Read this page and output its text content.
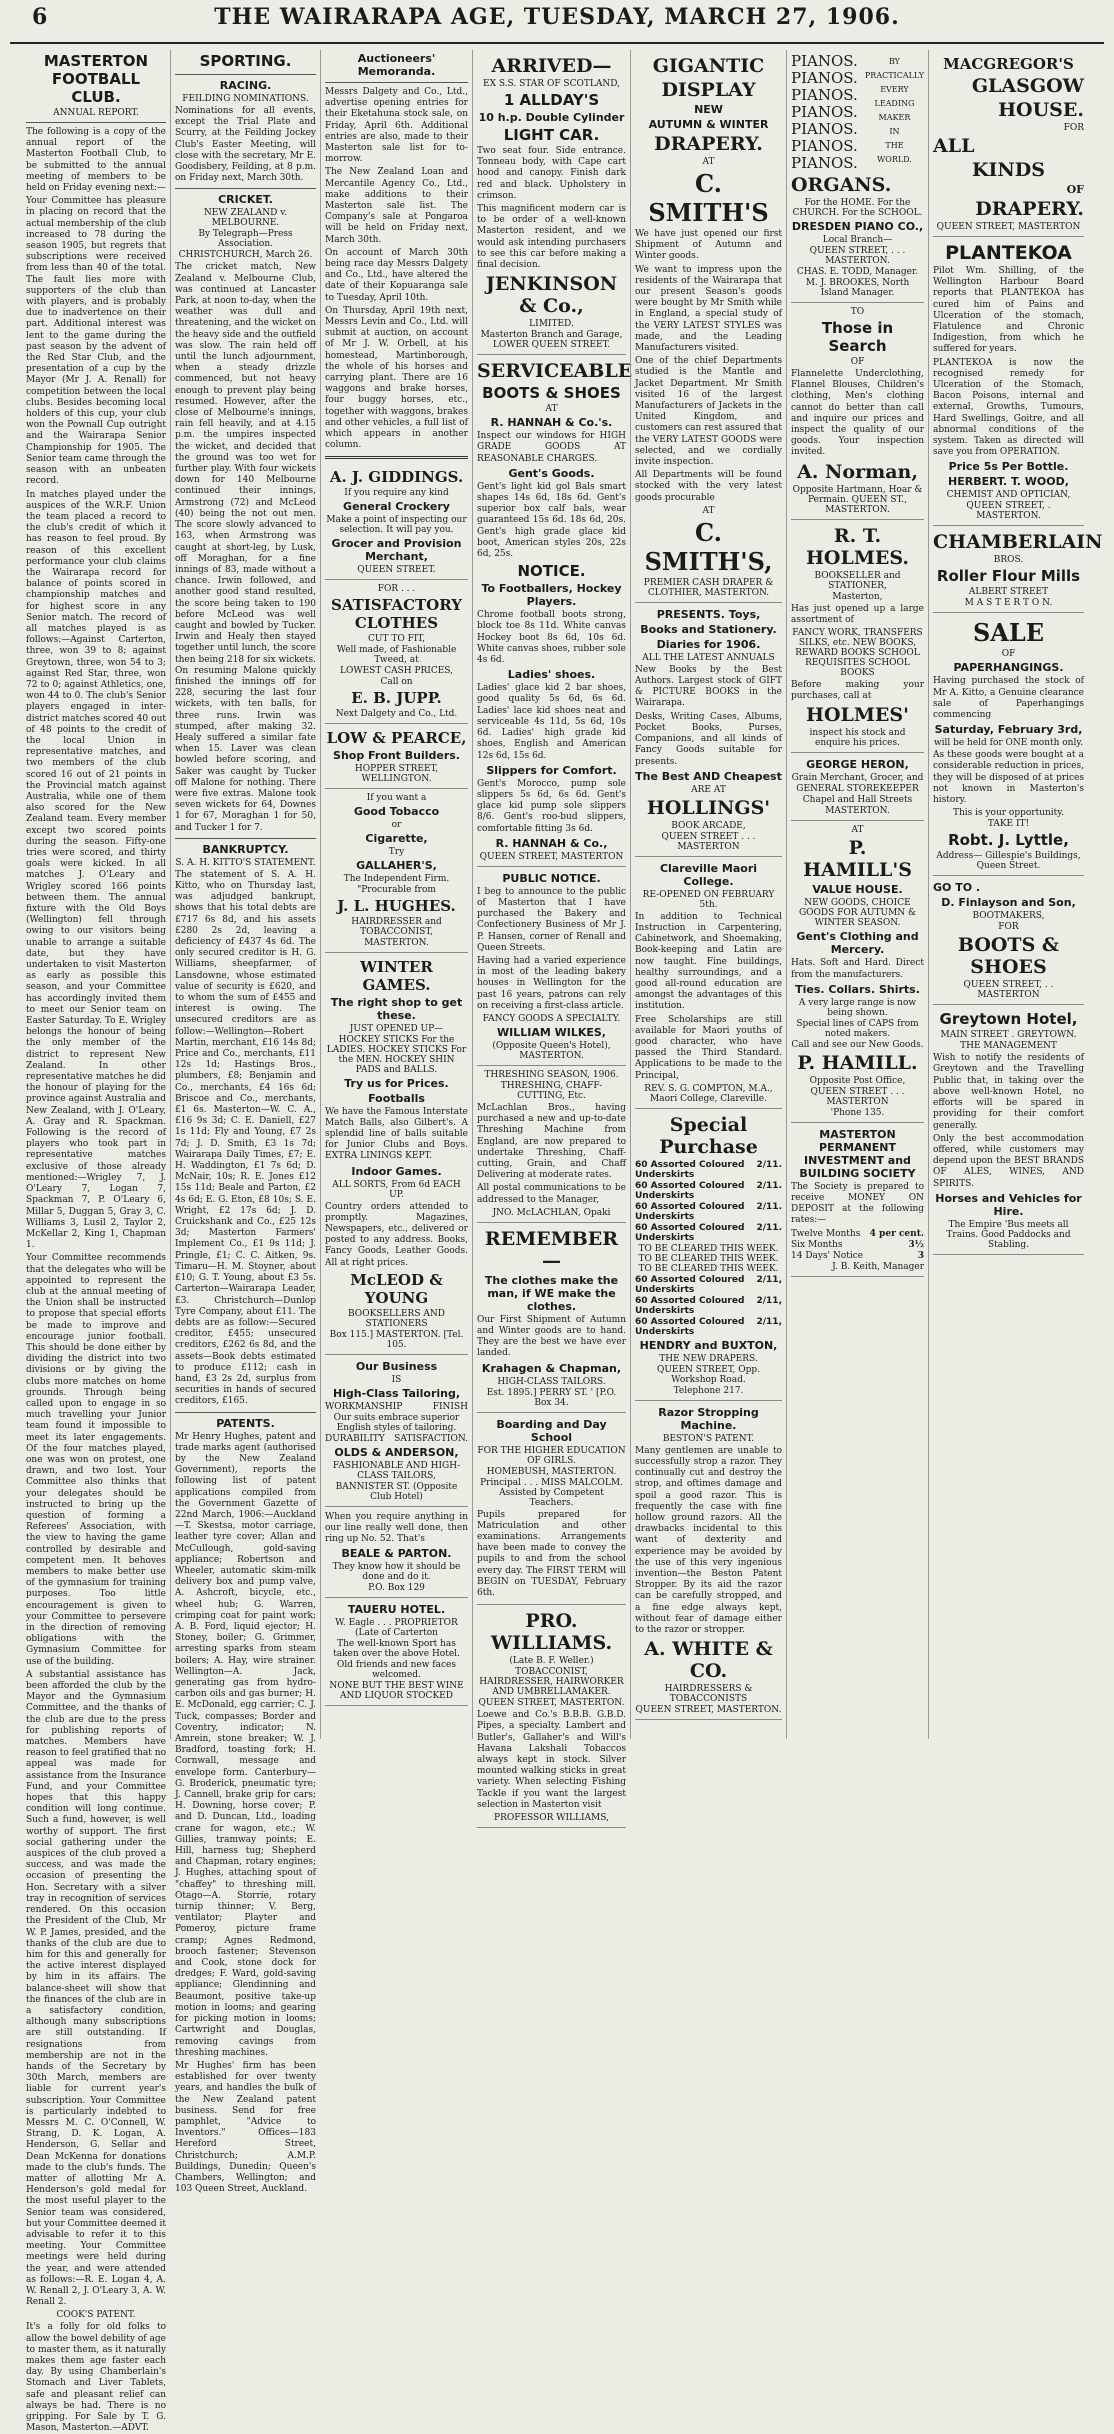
6	THE WAIRARAPA AGE, TUESDAY, MARCH 27, 1906.
MASTERTON FOOTBALL CLUB.
ANNUAL REPORT.

The following is a copy of the annual report of the Masterton Football Club, to be submitted to the annual meeting of members to be held on Friday evening next:—

Your Committee has pleasure in placing on record that the actual membership of the club increased to 78 during the season 1905, but regrets that subscriptions were received from less than 40 of the total. The fault lies more with supporters of the club than with players, and is probably due to inadvertence on their part. Additional interest was lent to the game during the past season by the advent of the Red Star Club, and the presentation of a cup by the Mayor (Mr J. A. Renall) for competition between the local clubs. Besides becoming local holders of this cup, your club won the Pownall Cup outright and the Wairarapa Senior Championship for 1905. The Senior team came through the season with an unbeaten record.

In matches played under the auspices of the W.R.F. Union the team placed a record to the club's credit of which it has reason to feel proud. By reason of this excellent performance your club claims the Wairarapa record for balance of points scored in championship matches and for highest score in any Senior match. The record of all matches played is as follows:—Against Carterton, three, won 39 to 8; against Greytown, three, won 54 to 3; against Red Star, three, won 72 to 0; against Athletics, one, won 44 to 0. The club's Senior players engaged in inter-district matches scored 40 out of 48 points to the credit of the local Union in representative matches, and two members of the club scored 16 out of 21 points in the Provincial match against Australia, while one of them also scored for the New Zealand team. Every member except two scored points during the season. Fifty-one tries were scored, and thirty goals were kicked. In all matches J. O'Leary and Wrigley scored 166 points between them. The annual fixture with the Old Boys (Wellington) fell through owing to our visitors being unable to arrange a suitable date, but they have undertaken to visit Masterton as early as possible this season, and your Committee has accordingly invited them to meet our Senior team on Easter Saturday. To E. Wrigley belongs the honour of being the only member of the district to represent New Zealand. In other representative matches he did the honour of playing for the province against Australia and New Zealand, with J. O'Leary, A. Gray and R. Spackman. Following is the record of players who took part in representative matches exclusive of those already mentioned:—Wrigley 7, J. O'Leary 7, Logan 7, Spackman 7, P. O'Leary 6, Millar 5, Duggan 5, Gray 3, C. Williams 3, Lusil 2, Taylor 2, McKellar 2, King 1, Chapman 1.

Your Committee recommends that the delegates who will be appointed to represent the club at the annual meeting of the Union shall be instructed to propose that special efforts be made to improve and encourage junior football. This should be done either by dividing the district into two divisions or by giving the clubs more matches on home grounds. Through being called upon to engage in so much travelling your Junior team found it impossible to meet its later engagements. Of the four matches played, one was won on protest, one drawn, and two lost. Your Committee also thinks that your delegates should be instructed to bring up the question of forming a Referees' Association, with the view to having the game controlled by desirable and competent men. It behoves members to make better use of the gymnasium for training purposes. Too little encouragement is given to your Committee to persevere in the direction of removing obligations with the Gymnasium Committee for use of the building.

A substantial assistance has been afforded the club by the Mayor and the Gymnasium Committee, and the thanks of the club are due to the press for publishing reports of matches. Members have reason to feel gratified that no appeal was made for assistance from the Insurance Fund, and your Committee hopes that this happy condition will long continue. Such a fund, however, is well worthy of support. The first social gathering under the auspices of the club proved a success, and was made the occasion of presenting the Hon. Secretary with a silver tray in recognition of services rendered. On this occasion the President of the Club, Mr W. P. James, presided, and the thanks of the club are due to him for this and generally for the active interest displayed by him in its affairs. The balance-sheet will show that the finances of the club are in a satisfactory condition, although many subscriptions are still outstanding. If resignations from membership are not in the hands of the Secretary by 30th March, members are liable for current year's subscription. Your Committee is particularly indebted to Messrs M. C. O'Connell, W. Strang, D. K. Logan, A. Henderson, G. Sellar and Dean McKenna for donations made to the club's funds. The matter of allotting Mr A. Henderson's gold medal for the most useful player to the Senior team was considered, but your Committee deemed it advisable to refer it to this meeting. Your Committee meetings were held during the year, and were attended as follows:—R. E. Logan 4, A. W. Renall 2, J. O'Leary 3, A. W. Renall 2.

COOK'S PATENT.

It's a folly for old folks to allow the bowel debility of age to master them, as it naturally makes them age faster each day. By using Chamberlain's Stomach and Liver Tablets, safe and pleasant relief can always be had. There is no gripping. For Sale by T. G. Mason, Masterton.—ADVT.

SPORTING.
RACING.
FEILDING NOMINATIONS.

Nominations for all events, except the Trial Plate and Scurry, at the Feilding Jockey Club's Easter Meeting, will close with the secretary, Mr E. Goodisbery, Feilding, at 8 p.m. on Friday next, March 30th.

CRICKET.
NEW ZEALAND v. MELBOURNE.
By Telegraph—Press Association.
CHRISTCHURCH, March 26.

The cricket match, New Zealand v. Melbourne Club, was continued at Lancaster Park, at noon to-day, when the weather was dull and threatening, and the wicket on the heavy side and the outfield was slow. The rain held off until the lunch adjournment, when a steady drizzle commenced, but not heavy enough to prevent play being resumed. However, after the close of Melbourne's innings, rain fell heavily, and at 4.15 p.m. the umpires inspected the wicket, and decided that the ground was too wet for further play. With four wickets down for 140 Melbourne continued their innings, Armstrong (72) and McLeod (40) being the not out men. The score slowly advanced to 163, when Armstrong was caught at short-leg, by Lusk, off Moraghan, for a fine innings of 83, made without a chance. Irwin followed, and another good stand resulted, the score being taken to 190 before McLeod was well caught and bowled by Tucker. Irwin and Healy then stayed together until lunch, the score then being 218 for six wickets. On resuming Malone quickly finished the innings off for 228, securing the last four wickets, with ten balls, for three runs. Irwin was stumped, after making 32. Healy suffered a similar fate when 15. Laver was clean bowled before scoring, and Saker was caught by Tucker off Malone for nothing. There were five extras. Malone took seven wickets for 64, Downes 1 for 67, Moraghan 1 for 50, and Tucker 1 for 7.

BANKRUPTCY.
S. A. H. KITTO'S STATEMENT.

The statement of S. A. H. Kitto, who on Thursday last, was adjudged bankrupt, shows that his total debts are £717 6s 8d, and his assets £280 2s 2d, leaving a deficiency of £437 4s 6d. The only secured creditor is H. G. Williams, sheepfarmer, of Lansdowne, whose estimated value of security is £620, and to whom the sum of £455 and interest is owing. The unsecured creditors are as follow:—Wellington—Robert Martin, merchant, £16 14s 8d; Price and Co., merchants, £11 12s 1d; Hastings Bros., plumbers, £8; Benjamin and Co., merchants, £4 16s 6d; Briscoe and Co., merchants, £1 6s. Masterton—W. C. A., £16 9s 3d; C. E. Daniell, £27 1s 11d; Fly and Young, £7 2s 7d; J. D. Smith, £3 1s 7d; Wairarapa Daily Times, £7; E. H. Waddington, £1 7s 6d; D. McNair, 10s; R. E. Jones £12 15s 11d; Beale and Parton, £2 4s 6d; E. G. Eton, £8 10s; S. E. Wright, £2 17s 6d; J. D. Cruickshank and Co., £25 12s 3d; Masterton Farmers' Implement Co., £1 9s 11d; J. Pringle, £1; C. C. Aitken, 9s. Timaru—H. M. Stoyner, about £10; G. T. Young, about £3 5s. Carterton—Wairarapa Leader, £3. Christchurch—Dunlop Tyre Company, about £11. The debts are as follow:—Secured creditor, £455; unsecured creditors, £262 6s 8d, and the assets—Book debts estimated to produce £112; cash in hand, £3 2s 2d, surplus from securities in hands of secured creditors, £165.

PATENTS.

Mr Henry Hughes, patent and trade marks agent (authorised by the New Zealand Government), reports the following list of patent applications compiled from the Government Gazette of 22nd March, 1906:—Auckland—T. Skestsa, motor carriage, leather tyre cover; Allan and McCullough, gold-saving appliance; Robertson and Wheeler, automatic skim-milk delivery box and pump valve, A. Ashcroft, bicycle, etc., wheel hub; G. Warren, crimping coat for paint work; A. B. Ford, liquid ejector; H. Stoney, boiler; G. Grimmer, arresting sparks from steam boilers; A. Hay, wire strainer. Wellington—A. Jack, generating gas from hydro-carbon oils and gas burner; H. E. McDonald, egg carrier; C. J. Tuck, compasses; Border and Coventry, indicator; N. Amrein, stone breaker; W. J. Bradford, toasting fork; H. Cornwall, message and envelope form. Canterbury—G. Broderick, pneumatic tyre; J. Cannell, brake grip for cars; H. Downing, horse cover; P. and D. Duncan, Ltd., loading crane for wagon, etc.; W. Gillies, tramway points; E. Hill, harness tug; Shepherd and Chapman, rotary engines; J. Hughes, attaching spout of "chaffey" to threshing mill. Otago—A. Storrie, rotary turnip thinner; V. Berg, ventilator; Playter and Pomeroy, picture frame cramp; Agnes Redmond, brooch fastener; Stevenson and Cook, stone dock for dredges; F. Ward, gold-saving appliance; Glendinning and Beaumont, positive take-up motion in looms; and gearing for picking motion in looms; Cartwright and Douglas, removing cavings from threshing machines.

Mr Hughes' firm has been established for over twenty years, and handles the bulk of the New Zealand patent business. Send for free pamphlet, "Advice to Inventors." Offices—183 Hereford Street, Christchurch; A.M.P. Buildings, Dunedin; Queen's Chambers, Wellington; and 103 Queen Street, Auckland.

Auctioneers' Memoranda.

Messrs Dalgety and Co., Ltd., advertise opening entries for their Eketahuna stock sale, on Friday, April 6th. Additional entries are also, made to their Masterton sale list for to-morrow.

The New Zealand Loan and Mercantile Agency Co., Ltd., make additions to their Masterton sale list. The Company's sale at Pongaroa will be held on Friday next, March 30th.

On account of March 30th being race day Messrs Dalgety and Co., Ltd., have altered the date of their Kopuaranga sale to Tuesday, April 10th.

On Thursday, April 19th next, Messrs Levin and Co., Ltd. will submit at auction, on account of Mr J. W. Orbell, at his homestead, Martinborough, the whole of his horses and carrying plant. There are 16 waggons and brake horses, four buggy horses, etc., together with waggons, brakes and other vehicles, a full list of which appears in another column.

A. J. GIDDINGS.
If you require any kind
General Crockery
Make a point of inspecting our selection. It will pay you.
Grocer and Provision Merchant,
QUEEN STREET.
FOR . . .
SATISFACTORY CLOTHES
CUT TO FIT,
Well made, of Fashionable Tweed, at
LOWEST CASH PRICES,
Call on
E. B. JUPP.
Next Dalgety and Co., Ltd.
LOW & PEARCE,
Shop Front Builders.
HOPPER STREET, WELLINGTON.
If you want a
Good Tobacco
or
Cigarette,
Try
GALLAHER'S,
The Independent Firm.
"Procurable from
J. L. HUGHES.
HAIRDRESSER and TOBACCONIST,
MASTERTON.
WINTER GAMES.
The right shop to get these.
JUST OPENED UP—
HOCKEY STICKS For the LADIES. HOCKEY STICKS For the MEN. HOCKEY SHIN PADS and BALLS.
Try us for Prices.
Footballs

We have the Famous Interstate Match Balls, also Gilbert's. A splendid line of balls suitable for Junior Clubs and Boys. EXTRA LININGS KEPT.

Indoor Games.
ALL SORTS, From 6d EACH UP.

Country orders attended to promptly. Magazines, Newspapers, etc., delivered or posted to any address. Books, Fancy Goods, Leather Goods. All at right prices.

McLEOD & YOUNG
BOOKSELLERS AND STATIONERS
Box 115.] MASTERTON. [Tel. 105.
Our Business
IS
High-Class Tailoring,
WORKMANSHIP	FINISH
Our suits embrace superior English styles of tailoring.
DURABILITY SATISFACTION.
OLDS & ANDERSON,
FASHIONABLE AND HIGH-CLASS TAILORS,
BANNISTER ST. (Opposite Club Hotel)

When you require anything in our line really well done, then ring up No. 52. That's

BEALE & PARTON.
They know how it should be done and do it.
P.O. Box 129
TAUERU HOTEL.
W. Eagle . . . PROPRIETOR (Late of Carterton
The well-known Sport has taken over the above Hotel.
Old friends and new faces welcomed.
NONE BUT THE BEST WINE AND LIQUOR STOCKED
ARRIVED—
EX S.S. STAR OF SCOTLAND,
1 ALLDAY'S
10 h.p. Double Cylinder
LIGHT CAR.

Two seat four. Side entrance. Tonneau body, with Cape cart hood and canopy. Finish dark red and black. Upholstery in crimson.

This magnificent modern car is to be order of a well-known Masterton resident, and we would ask intending purchasers to see this car before making a final decision.

JENKINSON & Co.,
LIMITED.
Masterton Branch and Garage, LOWER QUEEN STREET.
SERVICEABLE
BOOTS & SHOES
AT
R. HANNAH & Co.'s.

Inspect our windows for HIGH GRADE GOODS AT REASONABLE CHARGES.

Gent's Goods.

Gent's light kid gol Bals smart shapes 14s 6d, 18s 6d. Gent's superior box calf bals, wear guaranteed 15s 6d. 18s 6d, 20s. Gent's high grade glace kid boot, American styles 20s, 22s 6d, 25s.

NOTICE.
To Footballers, Hockey Players.

Chrome football boots strong, block toe 8s 11d. White canvas Hockey boot 8s 6d, 10s 6d. White canvas shoes, rubber sole 4s 6d.

Ladies' shoes.

Ladies' glace kid 2 bar shoes, good quality 5s 6d, 6s 6d. Ladies' lace kid shoes neat and serviceable 4s 11d, 5s 6d, 10s 6d. Ladies' high grade kid shoes, English and American 12s 6d, 15s 6d.

Slippers for Comfort.

Gent's Morocco, pump sole slippers 5s 6d, 6s 6d. Gent's glace kid pump sole slippers 8/6. Gent's roo-bud slippers, comfortable fitting 3s 6d.

R. HANNAH & Co.,
QUEEN STREET, MASTERTON
PUBLIC NOTICE.

I beg to announce to the public of Masterton that I have purchased the Bakery and Confectionery Business of Mr J. P. Hansen, corner of Renall and Queen Streets.

Having had a varied experience in most of the leading bakery houses in Wellington for the past 16 years, patrons can rely on receiving a first-class article.

FANCY GOODS A SPECIALTY.
WILLIAM WILKES,
(Opposite Queen's Hotel), MASTERTON.
THRESHING SEASON, 1906.
THRESHING, CHAFF-CUTTING, Etc.

McLachlan Bros., having purchased a new and up-to-date Threshing Machine from England, are now prepared to undertake Threshing, Chaff-cutting, Grain, and Chaff Delivering at moderate rates.

All postal communications to be addressed to the Manager,

JNO. McLACHLAN, Opaki
REMEMBER—
The clothes make the man, if WE make the clothes.

Our First Shipment of Autumn and Winter goods are to hand. They are the best we have ever landed.

Krahagen & Chapman,
HIGH-CLASS TAILORS.
Est. 1895.] PERRY ST. ' [P.O. Box 34.
Boarding and Day School
FOR THE HIGHER EDUCATION OF GIRLS.
HOMEBUSH, MASTERTON.
Principal . . . MISS MALCOLM. Assisted by Competent Teachers.

Pupils prepared for Matriculation and other examinations. Arrangements have been made to convey the pupils to and from the school every day. The FIRST TERM will BEGIN on TUESDAY, February 6th.

PRO. WILLIAMS.
(Late B. F. Weller.)
TOBACCONIST, HAIRDRESSER, HAIRWORKER AND UMBRELLAMAKER.
QUEEN STREET, MASTERTON.

Loewe and Co.'s B.B.B. G.B.D. Pipes, a specialty. Lambert and Butler's, Gallaher's and Will's Havana Lakshali Tobaccos always kept in stock. Silver mounted walking sticks in great variety. When selecting Fishing Tackle if you want the largest selection in Masterton visit

PROFESSOR WILLIAMS,
GIGANTIC
DISPLAY
NEW
AUTUMN & WINTER
DRAPERY.
AT
C. SMITH'S

We have just opened our first Shipment of Autumn and Winter goods.

We want to impress upon the residents of the Wairarapa that our present Season's goods were bought by Mr Smith while in England, a special study of the VERY LATEST STYLES was made, and the Leading Manufacturers visited.

One of the chief Departments studied is the Mantle and Jacket Department. Mr Smith visited 16 of the largest Manufacturers of Jackets in the United Kingdom, and customers can rest assured that the VERY LATEST GOODS were selected, and we cordially invite inspection.

All Departments will be found stocked with the very latest goods procurable

AT
C. SMITH'S,
PREMIER CASH DRAPER & CLOTHIER, MASTERTON.
PRESENTS. Toys,
Books and Stationery.
Diaries for 1906.
ALL THE LATEST ANNUALS

New Books by the Best Authors. Largest stock of GIFT & PICTURE BOOKS in the Wairarapa.

Desks, Writing Cases, Albums, Pocket Books, Purses, Companions, and all kinds of Fancy Goods suitable for presents.

The Best AND Cheapest
ARE AT
HOLLINGS'
BOOK ARCADE,
QUEEN STREET . . . MASTERTON
Clareville Maori College.
RE-OPENED ON FEBRUARY 5th.

In addition to Technical Instruction in Carpentering, Cabinetwork, and Shoemaking, Book-keeping and Latin are now taught. Fine buildings, healthy surroundings, and a good all-round education are amongst the advantages of this institution.

Free Scholarships are still available for Maori youths of good character, who have passed the Third Standard. Applications to be made to the Principal,

REV. S. G. COMPTON, M.A., Maori College, Clareville.
Special Purchase
60 Assorted Coloured Underskirts
2/11.
60 Assorted Coloured Underskirts
2/11.
60 Assorted Coloured Underskirts
2/11.
60 Assorted Coloured Underskirts
2/11.
TO BE CLEARED THIS WEEK. TO BE CLEARED THIS WEEK. TO BE CLEARED THIS WEEK.
60 Assorted Coloured Underskirts
2/11,
60 Assorted Coloured Underskirts
2/11,
60 Assorted Coloured Underskirts
2/11,
HENDRY and BUXTON,
THE NEW DRAPERS.
QUEEN STREET, Opp. Workshop Road.
Telephone 217.
Razor Stropping Machine.
BESTON'S PATENT.

Many gentlemen are unable to successfully strop a razor. They continually cut and destroy the strop, and oftimes damage and spoil a good razor. This is frequently the case with fine hollow ground razors. All the drawbacks incidental to this want of dexterity and experience may be avoided by the use of this very ingenious invention—the Beston Patent Stropper. By its aid the razor can be carefully stropped, and a fine edge always kept, without fear of damage either to the razor or stropper.

A. WHITE & CO.
HAIRDRESSERS & TOBACCONISTS
QUEEN STREET, MASTERTON.
PIANOS.
PIANOS.
PIANOS.
PIANOS.
PIANOS.
PIANOS.
PIANOS.
BY
PRACTICALLY
EVERY
LEADING
MAKER
IN
THE
WORLD.
ORGANS.
For the HOME. For the CHURCH. For the SCHOOL.
DRESDEN PIANO CO.,
Local Branch—
QUEEN STREET, . . . MASTERTON.
CHAS. E. TODD, Manager.
M. J. BROOKES, North Island Manager.
TO
Those in Search
OF

Flannelette Underclothing, Flannel Blouses, Children's clothing, Men's clothing cannot do better than call and inquire our prices and inspect the quality of our goods. Your inspection invited.

A. Norman,
Opposite Hartmann, Hoar & Permain. QUEEN ST., MASTERTON.
R. T. HOLMES.
BOOKSELLER and STATIONER,
Masterton,

Has just opened up a large assortment of

FANCY WORK, TRANSFERS SILKS, etc. NEW BOOKS, REWARD BOOKS SCHOOL REQUISITES SCHOOL BOOKS

Before making your purchases, call at

HOLMES'
inspect his stock and enquire his prices.
GEORGE HERON,
Grain Merchant, Grocer, and
GENERAL STOREKEEPER
Chapel and Hall Streets
MASTERTON.
AT
P. HAMILL'S
VALUE HOUSE.
NEW GOODS, CHOICE GOODS FOR AUTUMN & WINTER SEASON.
Gent's Clothing and Mercery.

Hats. Soft and Hard. Direct from the manufacturers.

Ties. Collars. Shirts.
A very large range is now being shown.
Special lines of CAPS from noted makers.
Call and see our New Goods.
P. HAMILL.
Opposite Post Office,
QUEEN STREET . . . MASTERTON
'Phone 135.
MASTERTON PERMANENT INVESTMENT and BUILDING SOCIETY

The Society is prepared to receive MONEY ON DEPOSIT at the following rates:—

Twelve Months 4 per cent.
Six Months	3½
14 Days' Notice	3
J. B. Keith, Manager
MACGREGOR'S
GLASGOW
HOUSE.
FOR
ALL
KINDS
OF
DRAPERY.
QUEEN STREET, MASTERTON
PLANTEKOA

Pilot Wm. Shilling, of the Wellington Harbour Board reports that PLANTEKOA has cured him of Pains and Ulceration of the stomach, Flatulence and Chronic Indigestion, from which he suffered for years.

PLANTEKOA is now the recognised remedy for Ulceration of the Stomach, Bacon Poisons, internal and external, Growths, Tumours, Hard Swellings, Goitre, and all abnormal conditions of the system. Taken as directed will save you from OPERATION.

Price 5s Per Bottle.
HERBERT. T. WOOD,
CHEMIST AND OPTICIAN,
QUEEN STREET, . MASTERTON.
CHAMBERLAIN
BROS.
Roller Flour Mills
ALBERT STREET
M A S T E R T O N.
SALE
OF
PAPERHANGINGS.

Having purchased the stock of Mr A. Kitto, a Genuine clearance sale of Paperhangings commencing

Saturday, February 3rd,
will be held for ONE month only.

As these goods were bought at a considerable reduction in prices, they will be disposed of at prices not known in Masterton's history.

This is your opportunity.
TAKE IT!
Robt. J. Lyttle,
Address— Gillespie's Buildings, Queen Street.
GO TO .
D. Finlayson and Son,
BOOTMAKERS,
FOR
BOOTS & SHOES
QUEEN STREET, . . MASTERTON
Greytown Hotel,
MAIN STREET . GREYTOWN.
THE MANAGEMENT

Wish to notify the residents of Greytown and the Travelling Public that, in taking over the above well-known Hotel, no efforts will be spared in providing for their comfort generally.

Only the best accommodation offered, while customers may depend upon the BEST BRANDS OF ALES, WINES, AND SPIRITS.

Horses and Vehicles for Hire.
The Empire 'Bus meets all Trains. Good Paddocks and Stabling.
